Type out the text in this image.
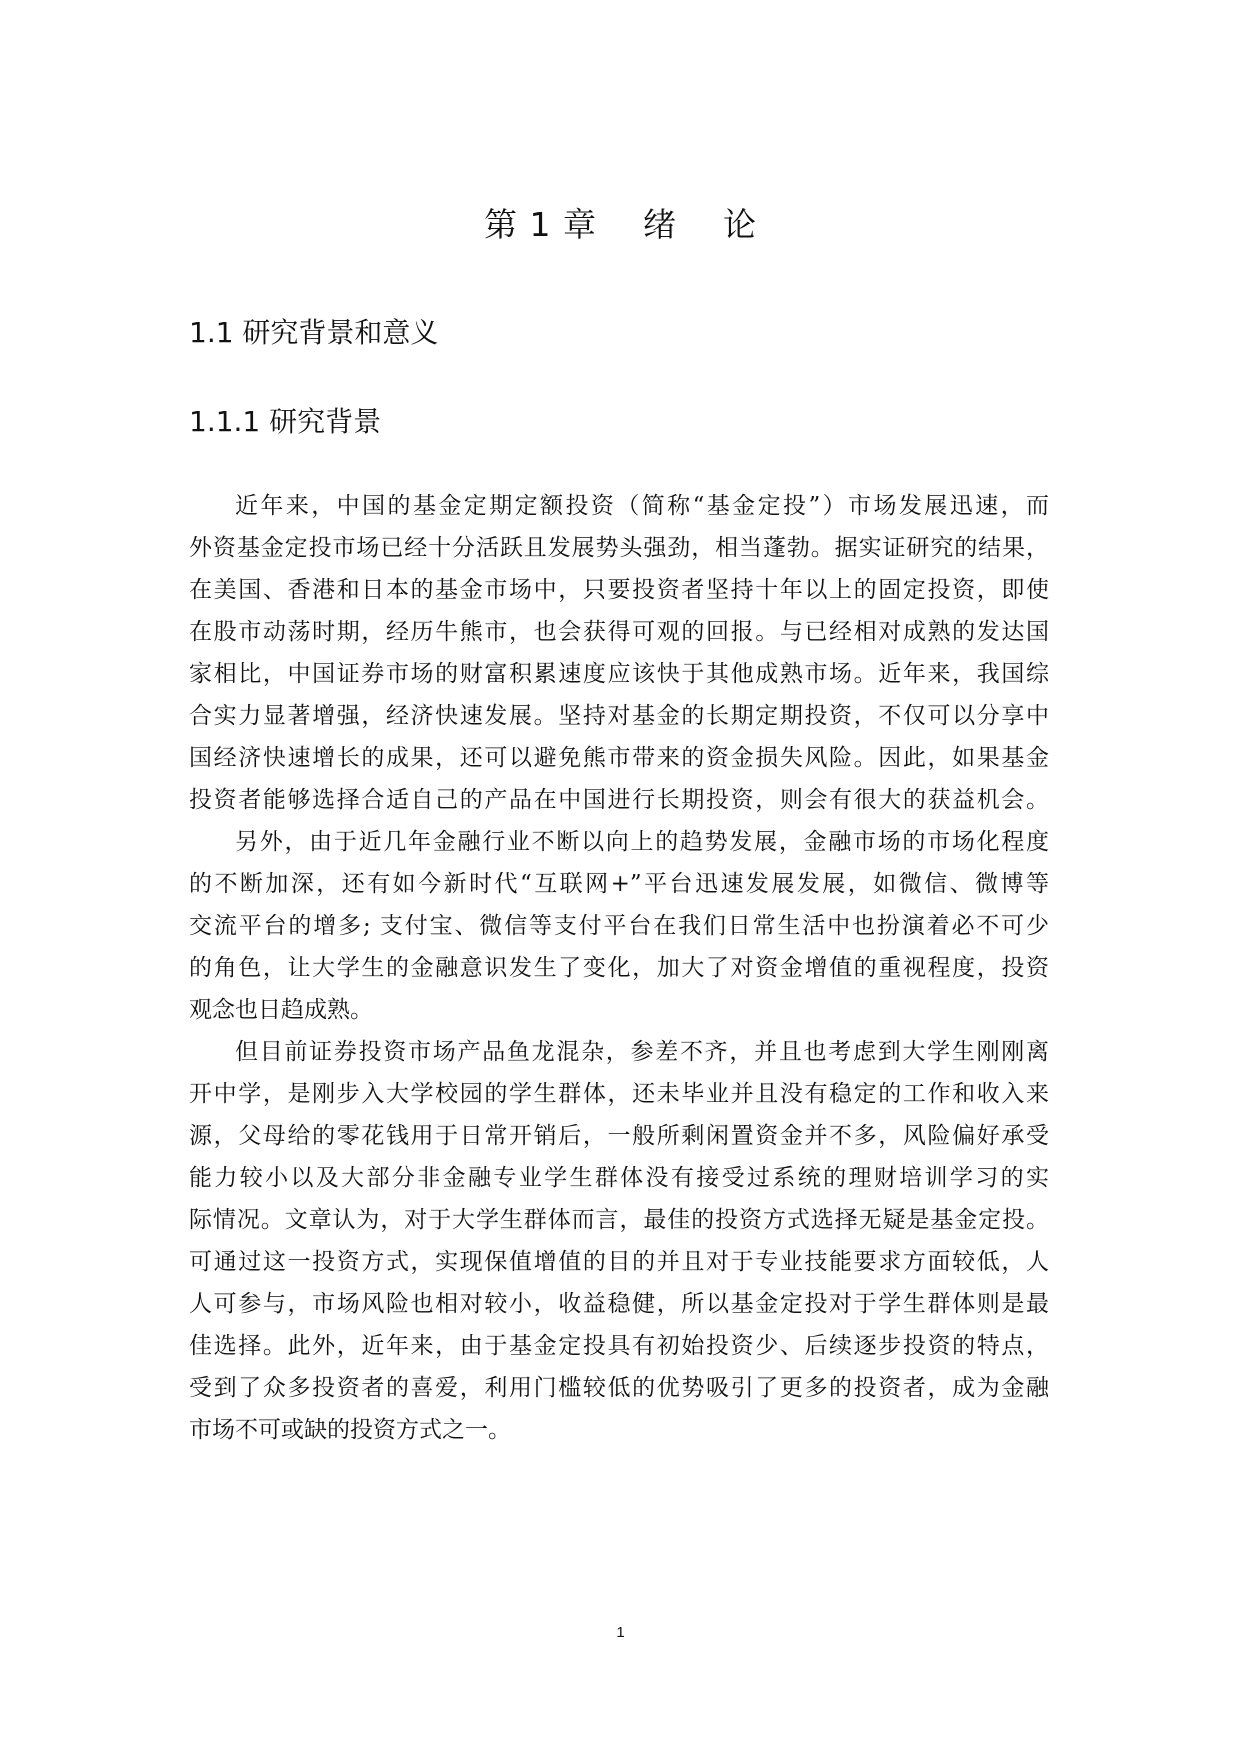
第 1 章    绪    论
1.1 研究背景和意义
1.1.1 研究背景
近年来，中国的基金定期定额投资（简称“基金定投”）市场发展迅速，而
外资基金定投市场已经十分活跃且发展势头强劲，相当蓬勃。据实证研究的结果，
在美国、香港和日本的基金市场中，只要投资者坚持十年以上的固定投资，即使
在股市动荡时期，经历牛熊市，也会获得可观的回报。与已经相对成熟的发达国
家相比，中国证券市场的财富积累速度应该快于其他成熟市场。近年来，我国综
合实力显著增强，经济快速发展。坚持对基金的长期定期投资，不仅可以分享中
国经济快速增长的成果，还可以避免熊市带来的资金损失风险。因此，如果基金
投资者能够选择合适自己的产品在中国进行长期投资，则会有很大的获益机会。
另外，由于近几年金融行业不断以向上的趋势发展，金融市场的市场化程度
的不断加深，还有如今新时代“互联网+”平台迅速发展发展，如微信、微博等
交流平台的增多; 支付宝、微信等支付平台在我们日常生活中也扮演着必不可少
的角色，让大学生的金融意识发生了变化，加大了对资金增值的重视程度，投资
观念也日趋成熟。
但目前证券投资市场产品鱼龙混杂，参差不齐，并且也考虑到大学生刚刚离
开中学，是刚步入大学校园的学生群体，还未毕业并且没有稳定的工作和收入来
源，父母给的零花钱用于日常开销后，一般所剩闲置资金并不多，风险偏好承受
能力较小以及大部分非金融专业学生群体没有接受过系统的理财培训学习的实
际情况。文章认为，对于大学生群体而言，最佳的投资方式选择无疑是基金定投。
可通过这一投资方式，实现保值增值的目的并且对于专业技能要求方面较低，人
人可参与，市场风险也相对较小，收益稳健，所以基金定投对于学生群体则是最
佳选择。此外，近年来，由于基金定投具有初始投资少、后续逐步投资的特点，
受到了众多投资者的喜爱，利用门槛较低的优势吸引了更多的投资者，成为金融
市场不可或缺的投资方式之一。
1
